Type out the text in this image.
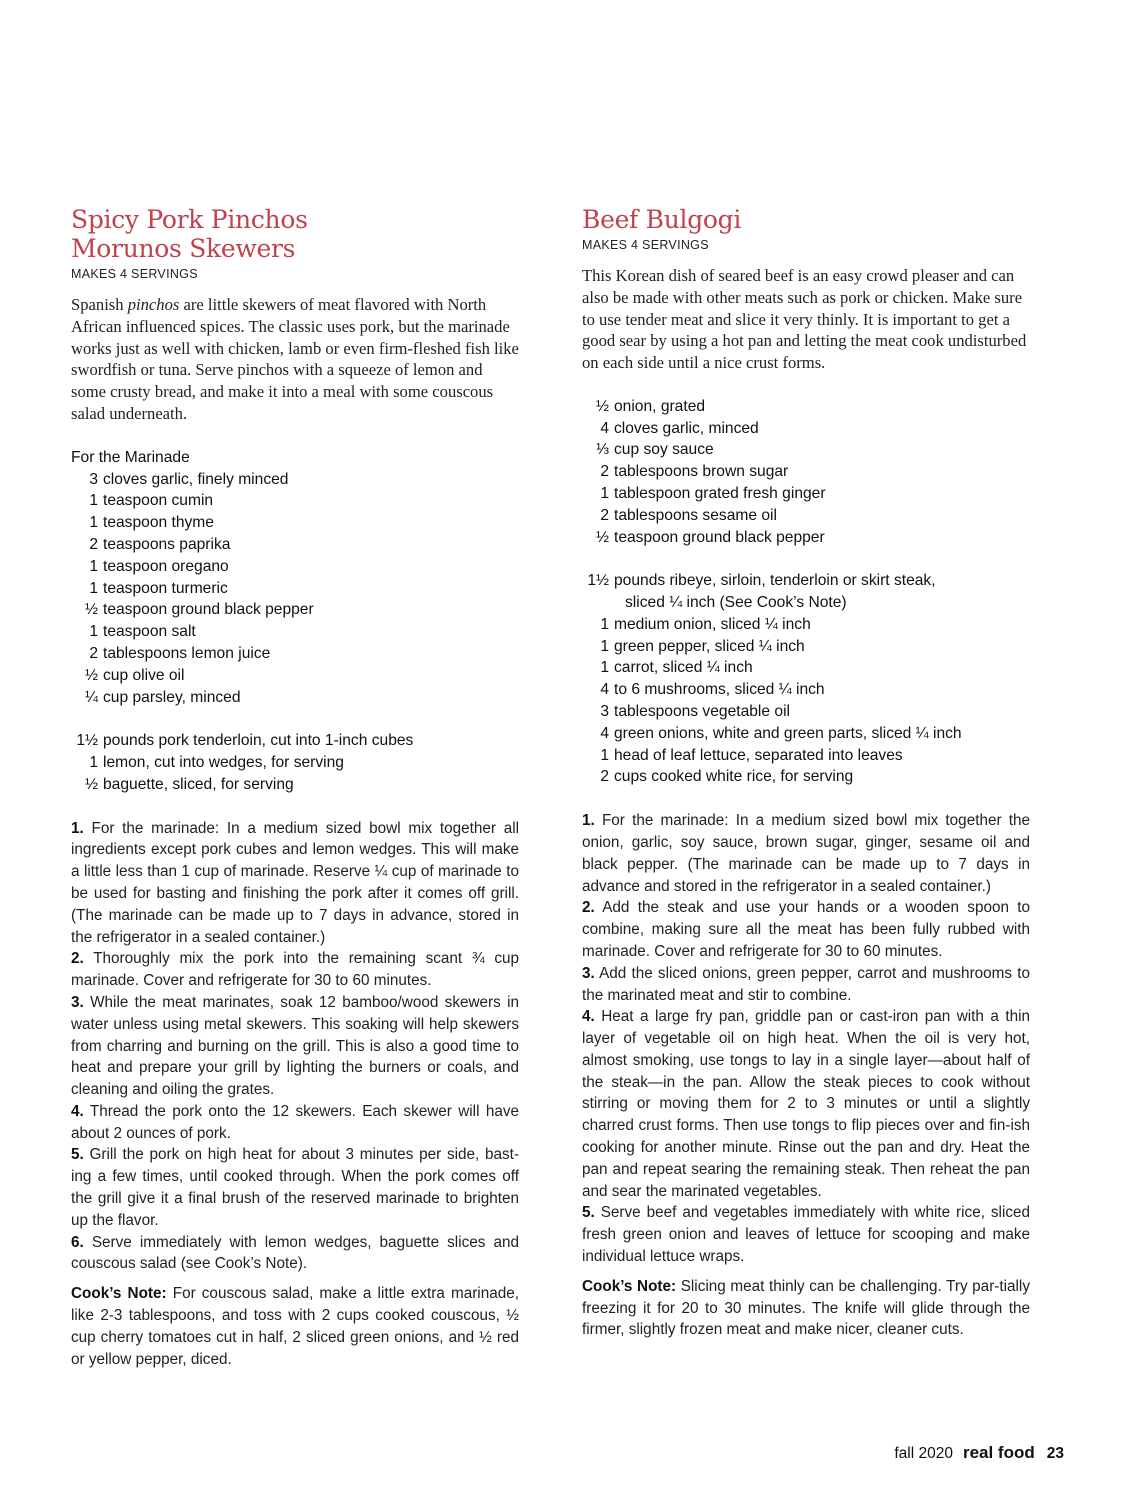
Spicy Pork Pinchos Morunos Skewers
MAKES 4 SERVINGS

Spanish pinchos are little skewers of meat flavored with North African influenced spices. The classic uses pork, but the marinade works just as well with chicken, lamb or even firm-fleshed fish like swordfish or tuna. Serve pinchos with a squeeze of lemon and some crusty bread, and make it into a meal with some couscous salad underneath.

For the Marinade
3 cloves garlic, finely minced
1 teaspoon cumin
1 teaspoon thyme
2 teaspoons paprika
1 teaspoon oregano
1 teaspoon turmeric
½ teaspoon ground black pepper
1 teaspoon salt
2 tablespoons lemon juice
½ cup olive oil
¼ cup parsley, minced
1½ pounds pork tenderloin, cut into 1-inch cubes
1 lemon, cut into wedges, for serving
½ baguette, sliced, for serving

1. For the marinade: In a medium sized bowl mix together all ingredients except pork cubes and lemon wedges. This will make a little less than 1 cup of marinade. Reserve ¼ cup of marinade to be used for basting and finishing the pork after it comes off grill. (The marinade can be made up to 7 days in advance, stored in the refrigerator in a sealed container.)

2. Thoroughly mix the pork into the remaining scant ¾ cup marinade. Cover and refrigerate for 30 to 60 minutes.

3. While the meat marinates, soak 12 bamboo/wood skewers in water unless using metal skewers. This soaking will help skewers from charring and burning on the grill. This is also a good time to heat and prepare your grill by lighting the burners or coals, and cleaning and oiling the grates.

4. Thread the pork onto the 12 skewers. Each skewer will have about 2 ounces of pork.

5. Grill the pork on high heat for about 3 minutes per side, bast-ing a few times, until cooked through. When the pork comes off the grill give it a final brush of the reserved marinade to brighten up the flavor.

6. Serve immediately with lemon wedges, baguette slices and couscous salad (see Cook’s Note).

Cook’s Note: For couscous salad, make a little extra marinade, like 2-3 tablespoons, and toss with 2 cups cooked couscous, ½ cup cherry tomatoes cut in half, 2 sliced green onions, and ½ red or yellow pepper, diced.

Beef Bulgogi
MAKES 4 SERVINGS

This Korean dish of seared beef is an easy crowd pleaser and can also be made with other meats such as pork or chicken. Make sure to use tender meat and slice it very thinly. It is important to get a good sear by using a hot pan and letting the meat cook undisturbed on each side until a nice crust forms.

½ onion, grated
4 cloves garlic, minced
⅓ cup soy sauce
2 tablespoons brown sugar
1 tablespoon grated fresh ginger
2 tablespoons sesame oil
½ teaspoon ground black pepper
1½ pounds ribeye, sirloin, tenderloin or skirt steak,
sliced ¼ inch (See Cook’s Note)
1 medium onion, sliced ¼ inch
1 green pepper, sliced ¼ inch
1 carrot, sliced ¼ inch
4 to 6 mushrooms, sliced ¼ inch
3 tablespoons vegetable oil
4 green onions, white and green parts, sliced ¼ inch
1 head of leaf lettuce, separated into leaves
2 cups cooked white rice, for serving

1. For the marinade: In a medium sized bowl mix together the onion, garlic, soy sauce, brown sugar, ginger, sesame oil and black pepper. (The marinade can be made up to 7 days in advance and stored in the refrigerator in a sealed container.)

2. Add the steak and use your hands or a wooden spoon to combine, making sure all the meat has been fully rubbed with marinade. Cover and refrigerate for 30 to 60 minutes.

3. Add the sliced onions, green pepper, carrot and mushrooms to the marinated meat and stir to combine.

4. Heat a large fry pan, griddle pan or cast-iron pan with a thin layer of vegetable oil on high heat. When the oil is very hot, almost smoking, use tongs to lay in a single layer—about half of the steak—in the pan. Allow the steak pieces to cook without stirring or moving them for 2 to 3 minutes or until a slightly charred crust forms. Then use tongs to flip pieces over and fin-ish cooking for another minute. Rinse out the pan and dry. Heat the pan and repeat searing the remaining steak. Then reheat the pan and sear the marinated vegetables.

5. Serve beef and vegetables immediately with white rice, sliced fresh green onion and leaves of lettuce for scooping and make individual lettuce wraps.

Cook’s Note: Slicing meat thinly can be challenging. Try par-tially freezing it for 20 to 30 minutes. The knife will glide through the firmer, slightly frozen meat and make nicer, cleaner cuts.

fall 2020 real food 23
